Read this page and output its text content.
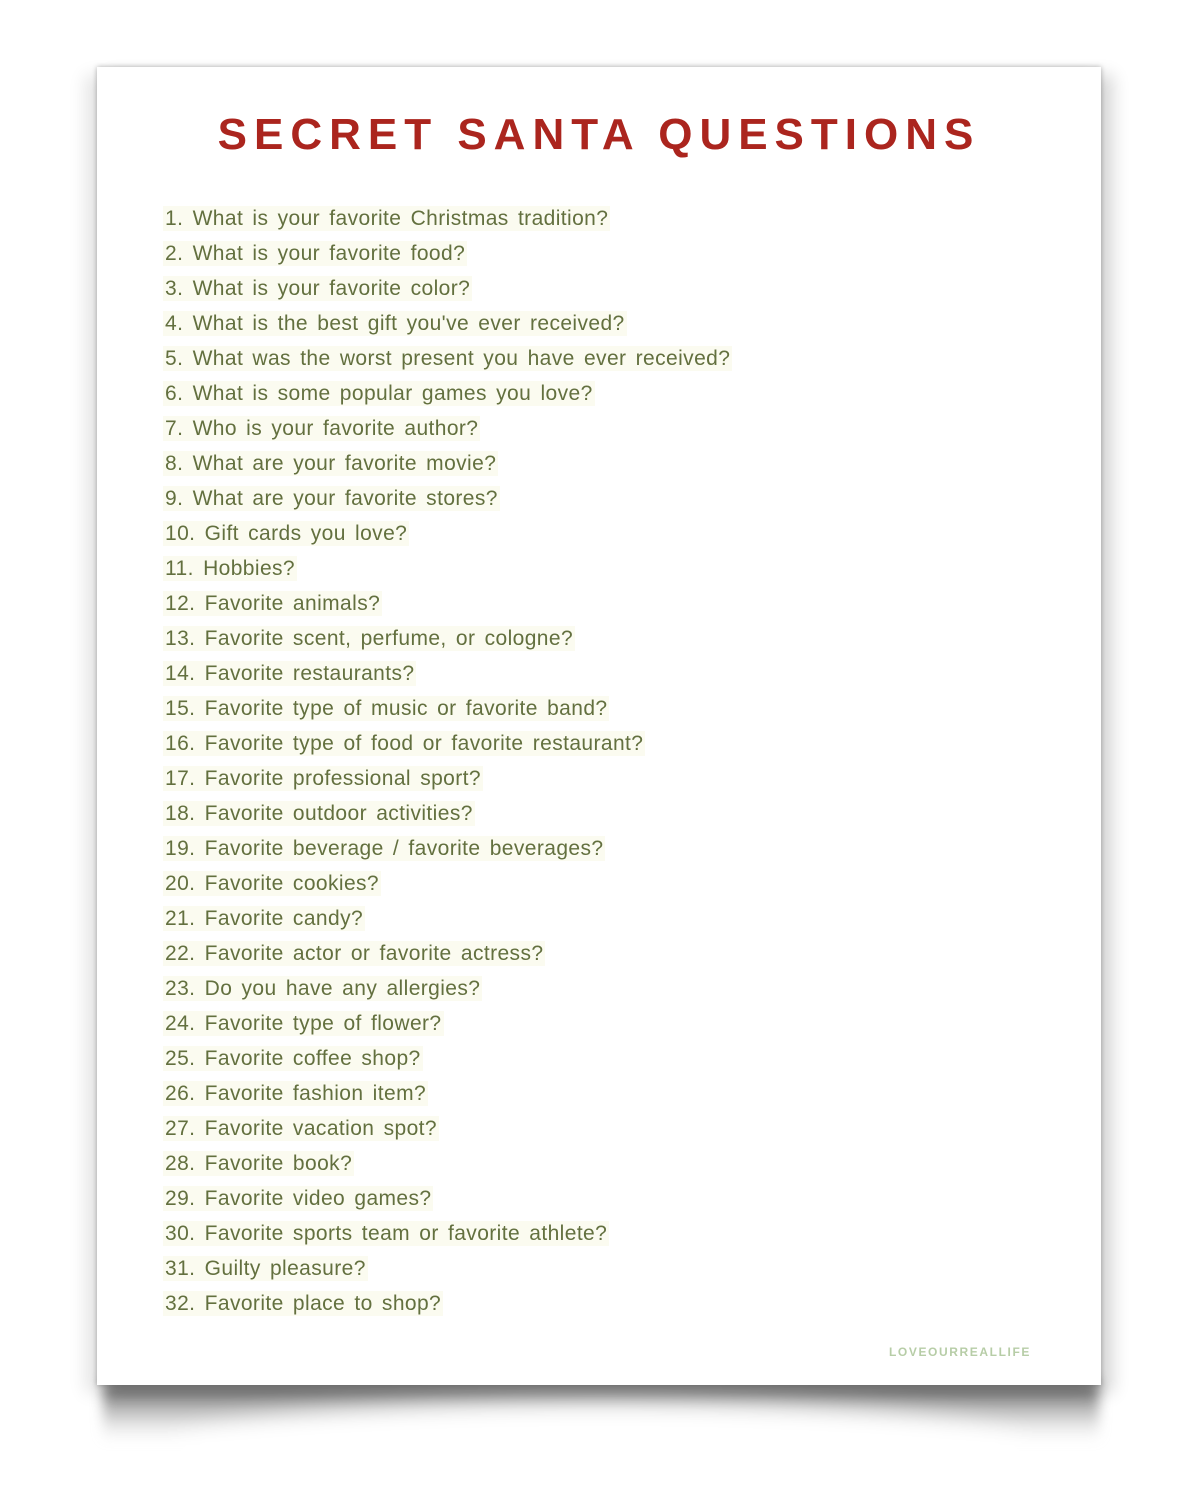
SECRET SANTA QUESTIONS
1. What is your favorite Christmas tradition?
2. What is your favorite food?
3. What is your favorite color?
4. What is the best gift you've ever received?
5. What was the worst present you have ever received?
6. What is some popular games you love?
7. Who is your favorite author?
8. What are your favorite movie?
9. What are your favorite stores?
10. Gift cards you love?
11. Hobbies?
12. Favorite animals?
13. Favorite scent, perfume, or cologne?
14. Favorite restaurants?
15. Favorite type of music or favorite band?
16. Favorite type of food or favorite restaurant?
17. Favorite professional sport?
18. Favorite outdoor activities?
19. Favorite beverage / favorite beverages?
20. Favorite cookies?
21. Favorite candy?
22. Favorite actor or favorite actress?
23. Do you have any allergies?
24. Favorite type of flower?
25. Favorite coffee shop?
26. Favorite fashion item?
27. Favorite vacation spot?
28. Favorite book?
29. Favorite video games?
30. Favorite sports team or favorite athlete?
31. Guilty pleasure?
32. Favorite place to shop?
LOVEOURREALLIFE
